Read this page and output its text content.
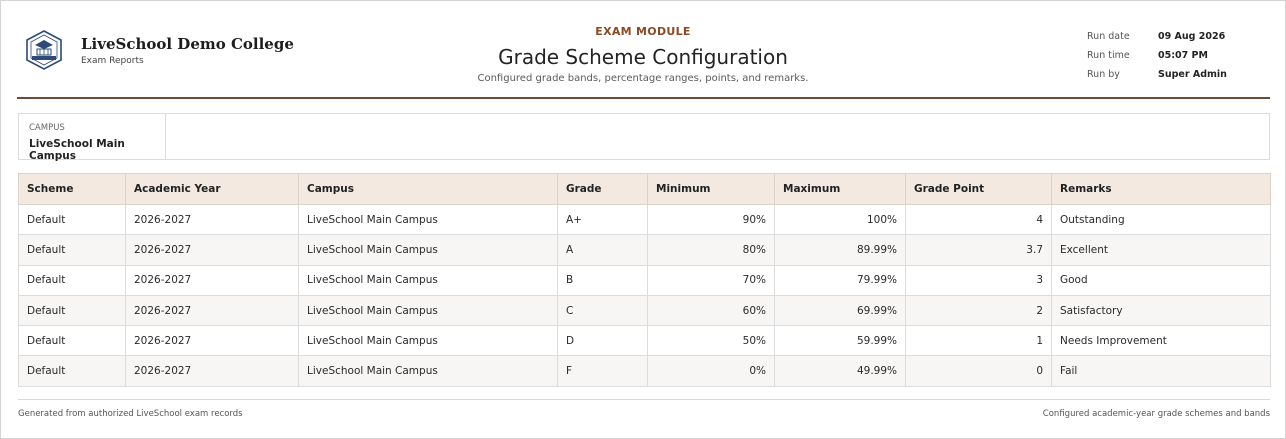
LiveSchool Demo College
Exam Reports
EXAM MODULE
Grade Scheme Configuration
Configured grade bands, percentage ranges, points, and remarks.
Run date	09 Aug 2026
Run time	05:07 PM
Run by	Super Admin
CAMPUS
LiveSchool Main Campus
Scheme	Academic Year	Campus	Grade	Minimum	Maximum	Grade Point	Remarks
Default	2026-2027	LiveSchool Main Campus	A+	90%	100%	4	Outstanding
Default	2026-2027	LiveSchool Main Campus	A	80%	89.99%	3.7	Excellent
Default	2026-2027	LiveSchool Main Campus	B	70%	79.99%	3	Good
Default	2026-2027	LiveSchool Main Campus	C	60%	69.99%	2	Satisfactory
Default	2026-2027	LiveSchool Main Campus	D	50%	59.99%	1	Needs Improvement
Default	2026-2027	LiveSchool Main Campus	F	0%	49.99%	0	Fail
Generated from authorized LiveSchool exam records	Configured academic-year grade schemes and bands
